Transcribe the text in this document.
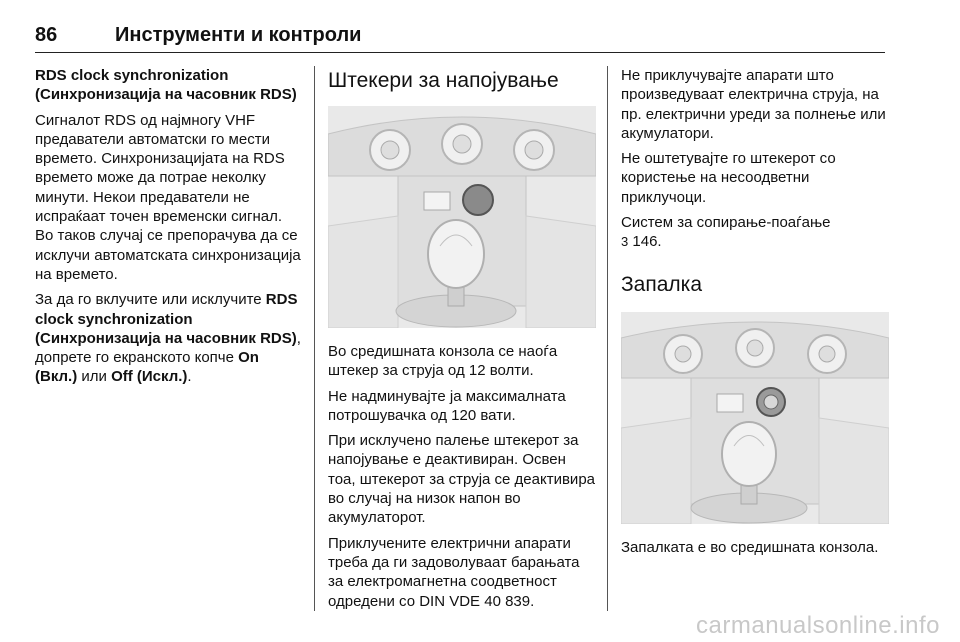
86	Инструменти и контроли

RDS clock synchronization
(Синхронизација на часовник RDS)

Сигналот RDS од најмногу VHF предаватели автоматски го мести времето. Синхронизацијата на RDS времето може да потрае неколку минути. Некои предаватели не испраќаат точен временски сигнал. Во таков случај се препорачува да се исклучи автоматската синхронизација на времето.

За да го вклучите или исклучите RDS clock synchronization (Синхронизација на часовник RDS), допрете го екранското копче On (Вкл.) или Off (Искл.).

Штекери за напојување

Во средишната конзола се наоѓа штекер за струја од 12 волти.

Не надминувајте ја максималната потрошувачка од 120 вати.

При исклучено палење штекерот за напојување е деактивиран. Освен тоа, штекерот за струја се деактивира во случај на низок напон во акумулаторот.

Приклучените електрични апарати треба да ги задоволуваат барањата за електромагнетна соодветност одредени со DIN VDE 40 839.

Не приклучувајте апарати што произведуваат електрична струја, на пр. електрични уреди за полнење или акумулатори.

Не оштетувајте го штекерот со користење на несоодветни приклучоци.

Систем за сопирање-поаѓање
3 146.

Запалка

Запалката е во средишната конзола.

carmanualsonline.info
